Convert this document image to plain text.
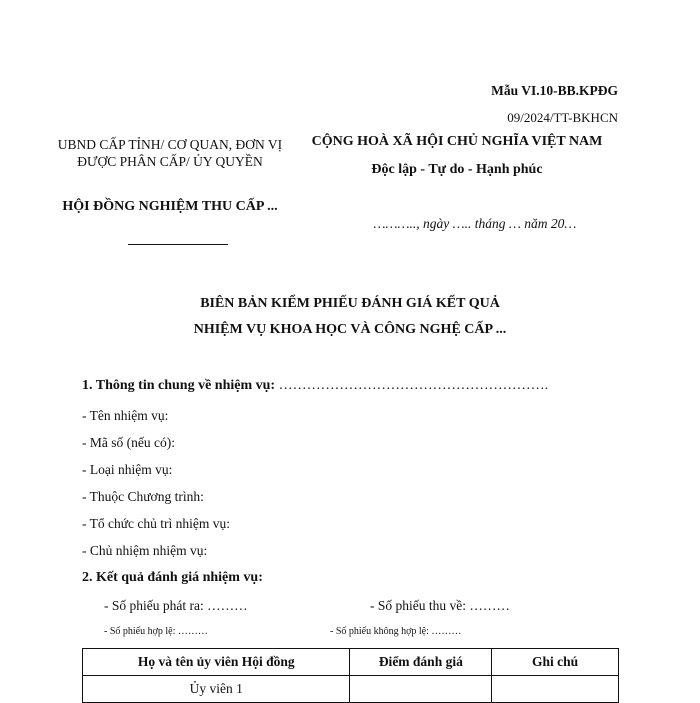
Mẫu VI.10-BB.KPĐG
09/2024/TT-BKHCN
UBND CẤP TỈNH/ CƠ QUAN, ĐƠN VỊ ĐƯỢC PHÂN CẤP/ ỦY QUYỀN
HỘI ĐỒNG NGHIỆM THU CẤP ...
CỘNG HOÀ XÃ HỘI CHỦ NGHĨA VIỆT NAM
Độc lập - Tự do - Hạnh phúc
……….., ngày ….. tháng … năm 20…
BIÊN BẢN KIỂM PHIẾU ĐÁNH GIÁ KẾT QUẢ
NHIỆM VỤ KHOA HỌC VÀ CÔNG NGHỆ CẤP ...
1. Thông tin chung về nhiệm vụ: ………………………………………………….
- Tên nhiệm vụ:
- Mã số (nếu có):
- Loại nhiệm vụ:
- Thuộc Chương trình:
- Tổ chức chủ trì nhiệm vụ:
- Chủ nhiệm nhiệm vụ:
2. Kết quả đánh giá nhiệm vụ:
- Số phiếu phát ra: ………	- Số phiếu thu về: ………
- Số phiếu hợp lệ: ………	- Số phiếu không hợp lệ: ………
Họ và tên ủy viên Hội đồng	Điểm đánh giá	Ghi chú
Ủy viên 1		
